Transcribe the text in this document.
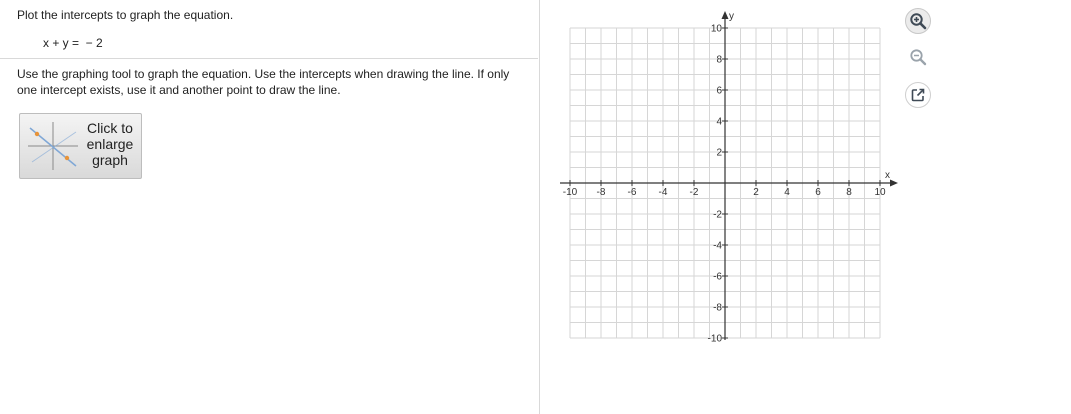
Plot the intercepts to graph the equation.
x + y =  − 2
Use the graphing tool to graph the equation. Use the intercepts when drawing the line. If only one intercept exists, use it and another point to draw the line.
Click to
enlarge
graph
-10 -8 -6 -4 -2	2	4	6	8 10
10
8
6
4
2
-2
-4
-6
-8
-10
x
y
